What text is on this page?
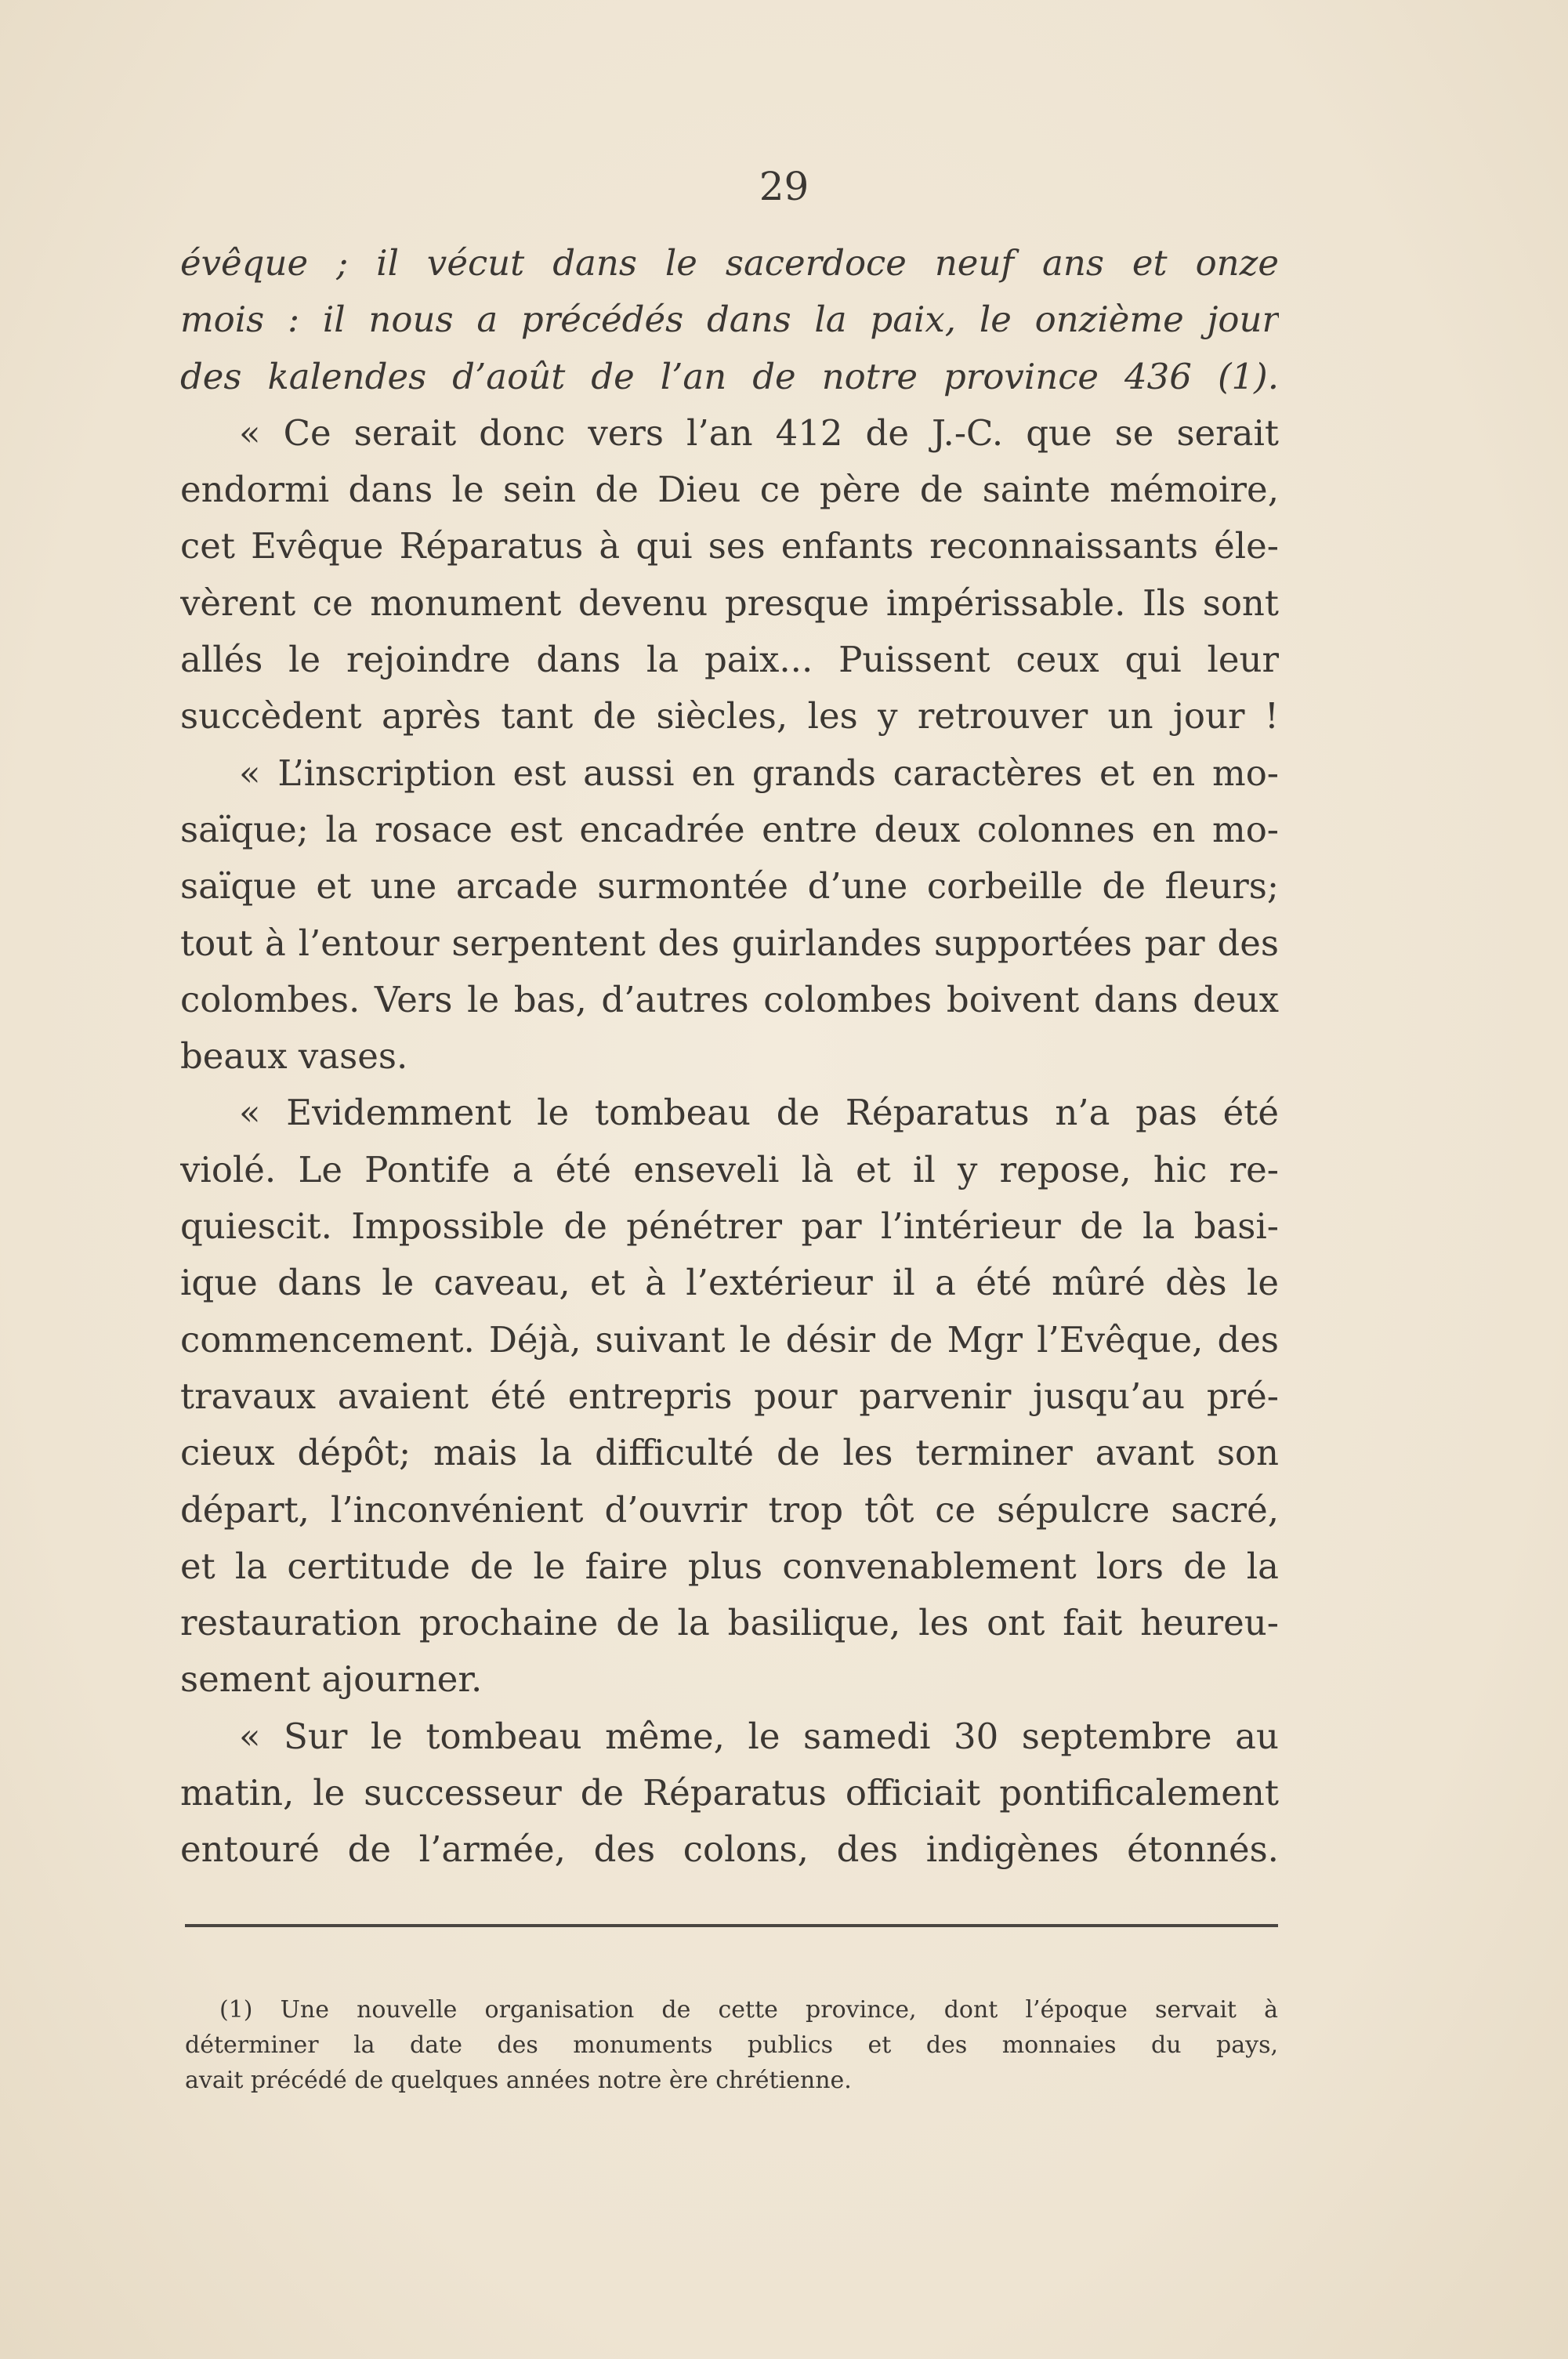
29
évêque ; il vécut dans le sacerdoce neuf ans et onze
mois : il nous a précédés dans la paix, le onzième jour
des kalendes d’août de l’an de notre province 436 (1).
« Ce serait donc vers l’an 412 de J.-C. que se serait
endormi dans le sein de Dieu ce père de sainte mémoire,
cet Evêque Réparatus à qui ses enfants reconnaissants éle-
vèrent ce monument devenu presque impérissable. Ils sont
allés le rejoindre dans la paix... Puissent ceux qui leur
succèdent après tant de siècles, les y retrouver un jour !
« L’inscription est aussi en grands caractères et en mo-
saïque; la rosace est encadrée entre deux colonnes en mo-
saïque et une arcade surmontée d’une corbeille de fleurs;
tout à l’entour serpentent des guirlandes supportées par des
colombes. Vers le bas, d’autres colombes boivent dans deux
beaux vases.
« Evidemment le tombeau de Réparatus n’a pas été
violé. Le Pontife a été enseveli là et il y repose, hic re-
quiescit. Impossible de pénétrer par l’intérieur de la basi-
ique dans le caveau, et à l’extérieur il a été mûré dès le
commencement. Déjà, suivant le désir de Mgr l’Evêque, des
travaux avaient été entrepris pour parvenir jusqu’au pré-
cieux dépôt; mais la difficulté de les terminer avant son
départ, l’inconvénient d’ouvrir trop tôt ce sépulcre sacré,
et la certitude de le faire plus convenablement lors de la
restauration prochaine de la basilique, les ont fait heureu-
sement ajourner.
« Sur le tombeau même, le samedi 30 septembre au
matin, le successeur de Réparatus officiait pontificalement
entouré de l’armée, des colons, des indigènes étonnés.
(1) Une nouvelle organisation de cette province, dont l’époque servait à
déterminer la date des monuments publics et des monnaies du pays,
avait précédé de quelques années notre ère chrétienne.
